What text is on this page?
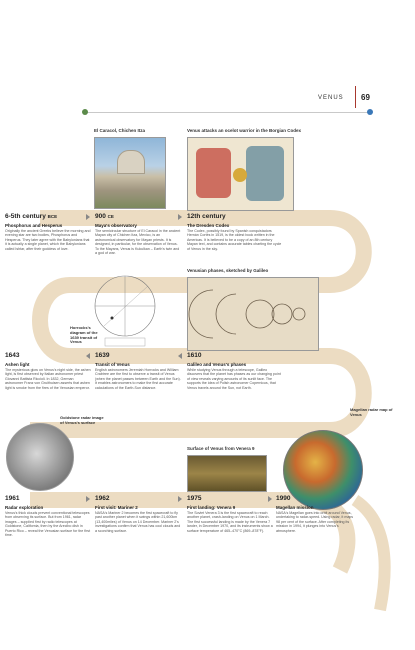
VENUS 69
El Caracol, Chichen Itza	Venus attacks an ocelot warrior in the Borgian Codex
6-5th century BCE	900 CE	12th century
Phosphorus and Hesperus
Originally the ancient Greeks believe the morning and evening star are two bodies, Phosphorus and Hesperus. They later agree with the Babylonians that it is actually a single planet, which the Babylonians called Ishtar, after their goddess of love.
Maya's observatory
The semicircular structure of El Caracol in the ancient Mayan city of Chichen Itza, Mexico, is an astronomical observatory for Mayan priests. It is designed, in particular, for the observation of Venus. To the Mayans, Venus is Kukulkan – Earth's twin and a god of war.
The Dresden Codex
The Codex, possibly found by Spanish conquistadors Hernán Cortés in 1519, is the oldest book written in the Americas. It is believed to be a copy of an 8th century Mayan text, and contains accurate tables charting the cycle of Venus in the sky.
Horrocks's diagram of the 1639 transit of Venus
Venusian phases, sketched by Galileo
1643	1639	1610
Ashen light
The mysterious glow on Venus's night side, the ashen light, is first observed by Italian astronomer priest Giovanni Battista Riccioli. In 1832, German astronomer Franz von Gruithuisen asserts that ashen light is smoke from the fires of the Venusian emperor.
Transit of Venus
English astronomers Jeremiah Horrocks and William Crabtree are the first to observe a transit of Venus (when the planet passes between Earth and the Sun). It enables astronomers to make the first accurate calculations of the Earth-Sun distance.
Galileo and Venus's phases
While studying Venus through a telescope, Galileo discovers that the planet has phases as our changing point of view reveals varying amounts of its sunlit face. The supports the idea of Polish astronomer Copernicus, that Venus travels around the Sun, not Earth.
Goldstone radar image of Venus's surface
Surface of Venus from Venera 9
Magellan radar map of Venus
1961	1962	1975	1990
Radar exploration
Venus's thick clouds prevent conventional telescopes from observing its surface. But from 1961, radar images – supplied first by radio telescopes at Goldstone, California, then by the Arecibo dish in Puerto Rico – reveal the Venusian surface for the first time.
First visit: Mariner 2
NASA's Mariner 2 becomes the first spacecraft to fly past another planet when it swings within 21,600km (13,400miles) of Venus on 14 December. Mariner 2's investigations confirm that Venus has cool clouds and a scorching surface.
First landing: Venera 9
The Soviet Venera 3 is the first spacecraft to reach another planet, crash-landing on Venus on 1 March. The first successful landing is made by the Venera 7 lander, in December 1970, and its instruments show a surface temperature of 465–470°C (869–878°F).
Magellan mission
NASA's Magellan goes into orbit around Venus, undertaking to radar-speed. Using radar, it maps 98 per cent of the surface. After completing its mission in 1994, it plunges into Venus's atmosphere.
